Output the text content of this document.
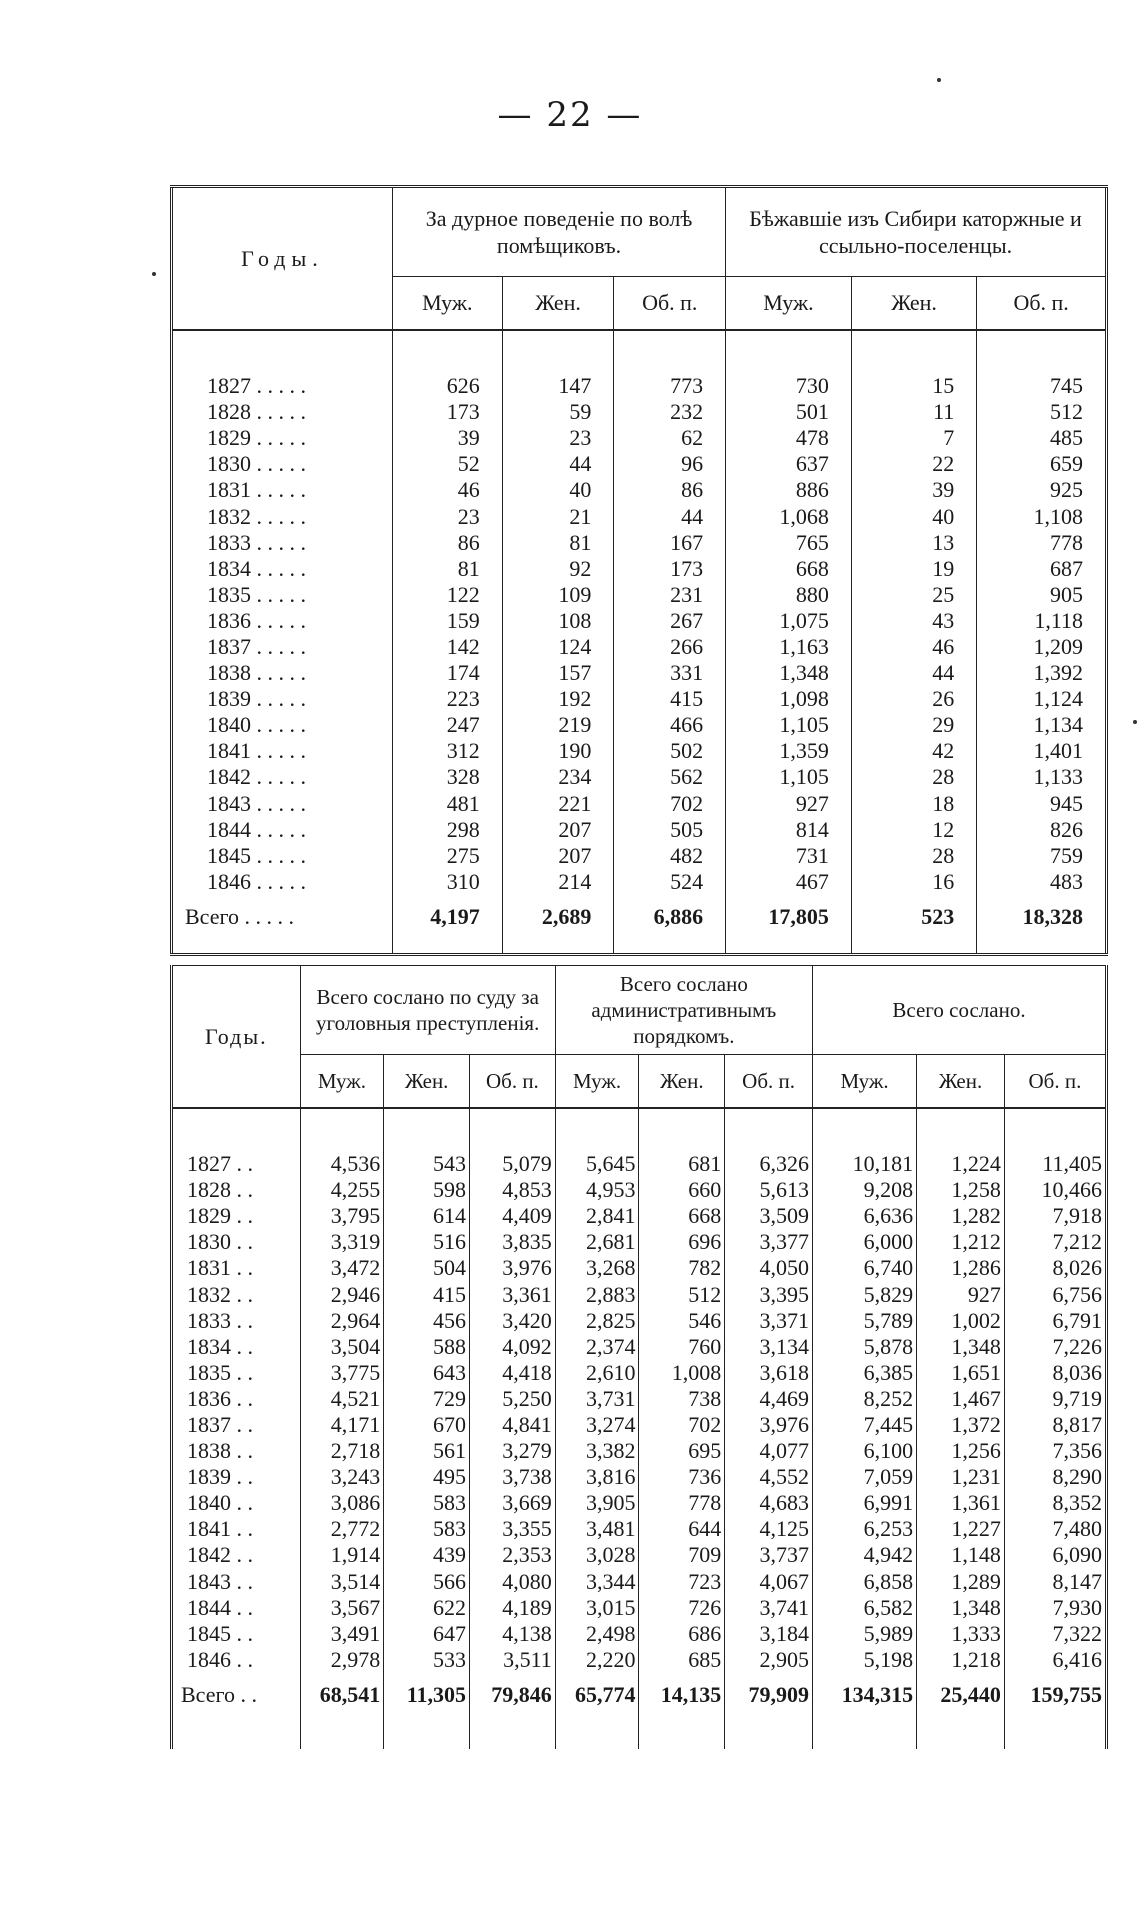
— 22 —
Годы.	За дурное поведеніе по волѣ помѣщиковъ.			Бѣжавшіе изъ Сибири каторжные и ссыльно-поселенцы.		
	Муж.	Жен.	Об. п.	Муж.	Жен.	Об. п.

1827 . . . . .	626	147	773	730	15	745
1828 . . . . .	173	59	232	501	11	512
1829 . . . . .	39	23	62	478	7	485
1830 . . . . .	52	44	96	637	22	659
1831 . . . . .	46	40	86	886	39	925
1832 . . . . .	23	21	44	1,068	40	1,108
1833 . . . . .	86	81	167	765	13	778
1834 . . . . .	81	92	173	668	19	687
1835 . . . . .	122	109	231	880	25	905
1836 . . . . .	159	108	267	1,075	43	1,118
1837 . . . . .	142	124	266	1,163	46	1,209
1838 . . . . .	174	157	331	1,348	44	1,392
1839 . . . . .	223	192	415	1,098	26	1,124
1840 . . . . .	247	219	466	1,105	29	1,134
1841 . . . . .	312	190	502	1,359	42	1,401
1842 . . . . .	328	234	562	1,105	28	1,133
1843 . . . . .	481	221	702	927	18	945
1844 . . . . .	298	207	505	814	12	826
1845 . . . . .	275	207	482	731	28	759
1846 . . . . .	310	214	524	467	16	483
Всего . . . . .	4,197	2,689	6,886	17,805	523	18,328

Годы.	Всего сослано по суду за уголовныя преступленія.			Всего сослано административнымъ порядкомъ.			Всего сослано.		
	Муж.	Жен.	Об. п.	Муж.	Жен.	Об. п.	Муж.	Жен.	Об. п.

1827 . .	4,536	543	5,079	5,645	681	6,326	10,181	1,224	11,405
1828 . .	4,255	598	4,853	4,953	660	5,613	9,208	1,258	10,466
1829 . .	3,795	614	4,409	2,841	668	3,509	6,636	1,282	7,918
1830 . .	3,319	516	3,835	2,681	696	3,377	6,000	1,212	7,212
1831 . .	3,472	504	3,976	3,268	782	4,050	6,740	1,286	8,026
1832 . .	2,946	415	3,361	2,883	512	3,395	5,829	927	6,756
1833 . .	2,964	456	3,420	2,825	546	3,371	5,789	1,002	6,791
1834 . .	3,504	588	4,092	2,374	760	3,134	5,878	1,348	7,226
1835 . .	3,775	643	4,418	2,610	1,008	3,618	6,385	1,651	8,036
1836 . .	4,521	729	5,250	3,731	738	4,469	8,252	1,467	9,719
1837 . .	4,171	670	4,841	3,274	702	3,976	7,445	1,372	8,817
1838 . .	2,718	561	3,279	3,382	695	4,077	6,100	1,256	7,356
1839 . .	3,243	495	3,738	3,816	736	4,552	7,059	1,231	8,290
1840 . .	3,086	583	3,669	3,905	778	4,683	6,991	1,361	8,352
1841 . .	2,772	583	3,355	3,481	644	4,125	6,253	1,227	7,480
1842 . .	1,914	439	2,353	3,028	709	3,737	4,942	1,148	6,090
1843 . .	3,514	566	4,080	3,344	723	4,067	6,858	1,289	8,147
1844 . .	3,567	622	4,189	3,015	726	3,741	6,582	1,348	7,930
1845 . .	3,491	647	4,138	2,498	686	3,184	5,989	1,333	7,322
1846 . .	2,978	533	3,511	2,220	685	2,905	5,198	1,218	6,416
Всего . .	68,541	11,305	79,846	65,774	14,135	79,909	134,315	25,440	159,755
